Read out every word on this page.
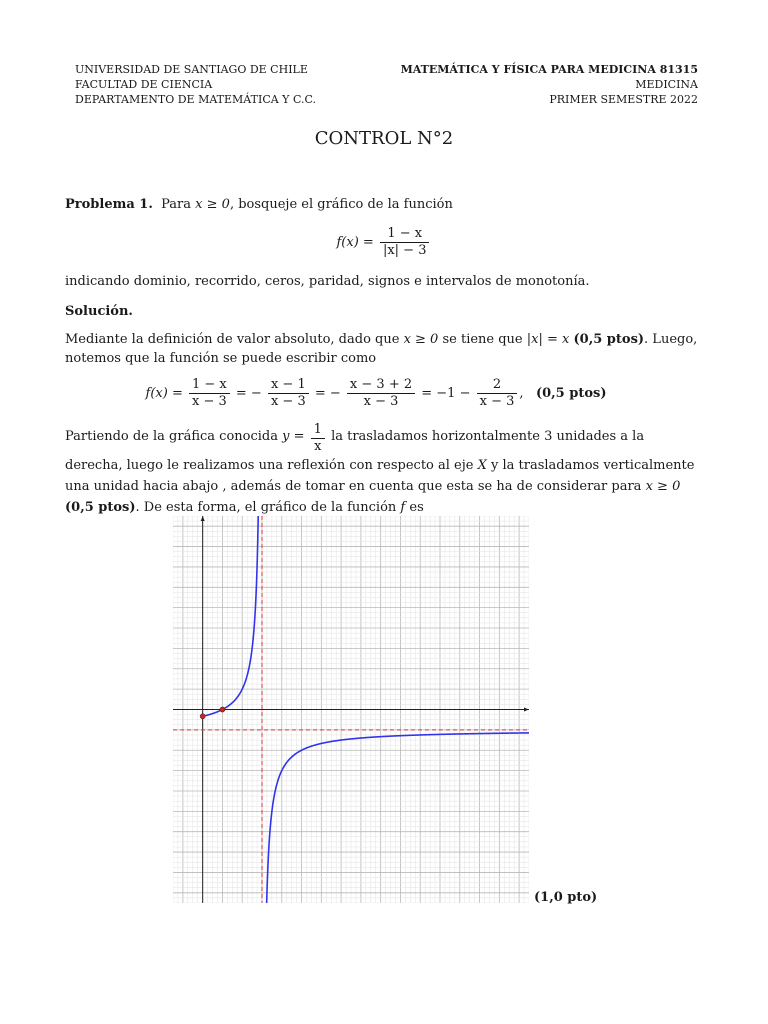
UNIVERSIDAD DE SANTIAGO DE CHILE
FACULTAD DE CIENCIA
DEPARTAMENTO DE MATEMÁTICA Y C.C.
MATEMÁTICA Y FÍSICA PARA MEDICINA 81315
MEDICINA
PRIMER SEMESTRE 2022
CONTROL N°2
Problema 1. Para x ≥ 0, bosqueje el gráfico de la función
$f(x) = \frac{1 - x}{|x| - 3}$
indicando dominio, recorrido, ceros, paridad, signos e intervalos de monotonía.
Solución.
Mediante la definición de valor absoluto, dado que x ≥ 0 se tiene que |x| = x (0,5 ptos). Luego, notemos que la función se puede escribir como
$f(x) = \frac{1 - x}{x - 3}$ = − $\frac{x - 1}{x - 3}$ = − $\frac{x - 3 + 2}{x - 3} = -1 - \frac{2}{x - 3}$ , (0,5 ptos)
Partiendo de la gráfica conocida $y = \frac{1}{x}$ la trasladamos horizontalmente 3 unidades a la derecha, luego le realizamos una reflexión con respecto al eje X y la trasladamos verticalmente una unidad hacia abajo , además de tomar en cuenta que esta se ha de considerar para x ≥ 0 (0,5 ptos). De esta forma, el gráfico de la función f es
(1,0 pto)
